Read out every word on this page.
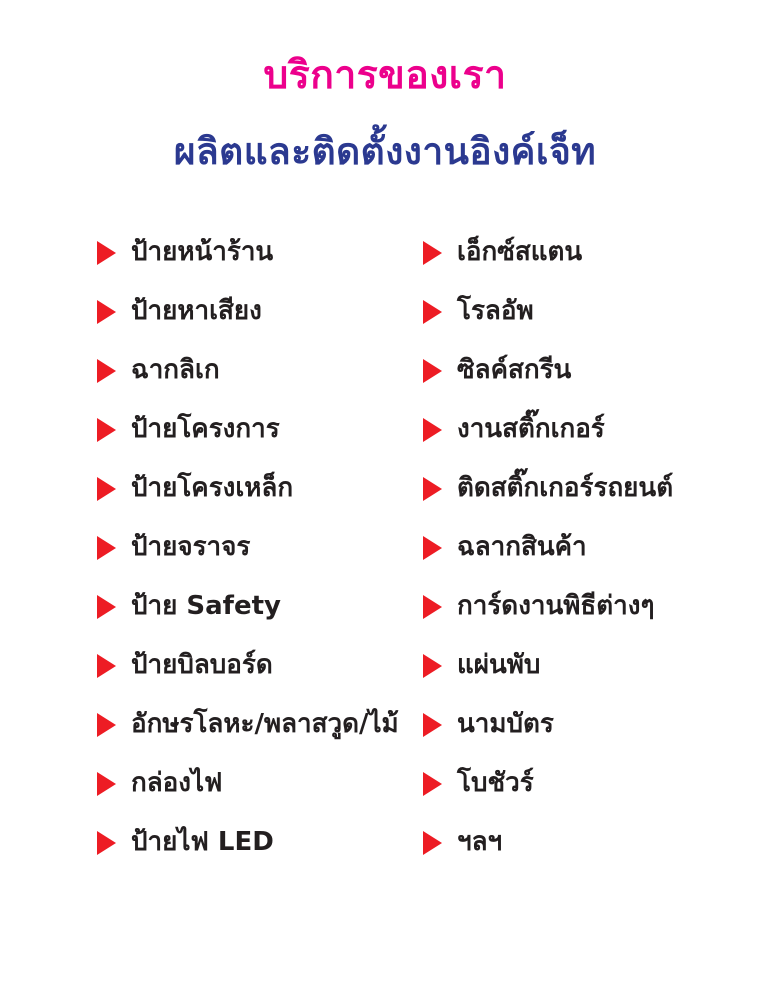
บริการของเรา
ผลิตและติดตั้งงานอิงค์เจ็ท
ป้ายหน้าร้าน
ป้ายหาเสียง
ฉากลิเก
ป้ายโครงการ
ป้ายโครงเหล็ก
ป้ายจราจร
ป้าย Safety
ป้ายบิลบอร์ด
อักษรโลหะ/พลาสวูด/ไม้
กล่องไฟ
ป้ายไฟ LED
เอ็กซ์สแตน
โรลอัพ
ซิลค์สกรีน
งานสติ๊กเกอร์
ติดสติ๊กเกอร์รถยนต์
ฉลากสินค้า
การ์ดงานพิธีต่างๆ
แผ่นพับ
นามบัตร
โบชัวร์
ฯลฯ
